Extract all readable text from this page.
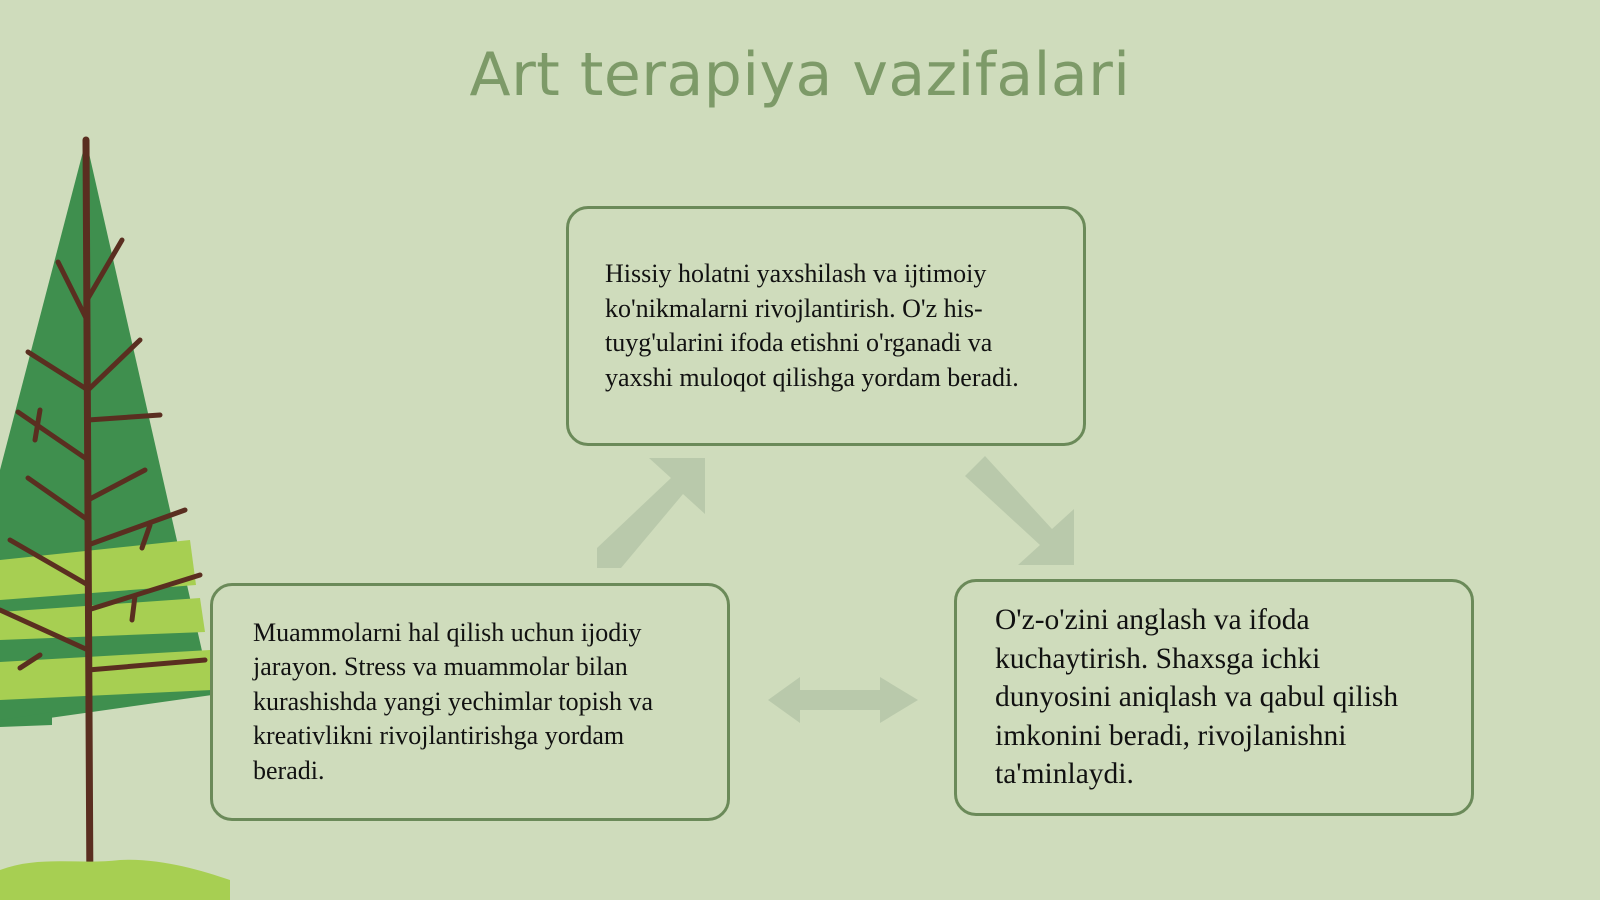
Art terapiya vazifalari

Hissiy holatni yaxshilash va ijtimoiy ko'nikmalarni rivojlantirish. O'z his-tuyg'ularini ifoda etishni o'rganadi va yaxshi muloqot qilishga yordam beradi.

Muammolarni hal qilish uchun ijodiy jarayon. Stress va muammolar bilan kurashishda yangi yechimlar topish va kreativlikni rivojlantirishga yordam beradi.

O'z-o'zini anglash va ifoda kuchaytirish. Shaxsga ichki dunyosini aniqlash va qabul qilish imkonini beradi, rivojlanishni ta'minlaydi.
